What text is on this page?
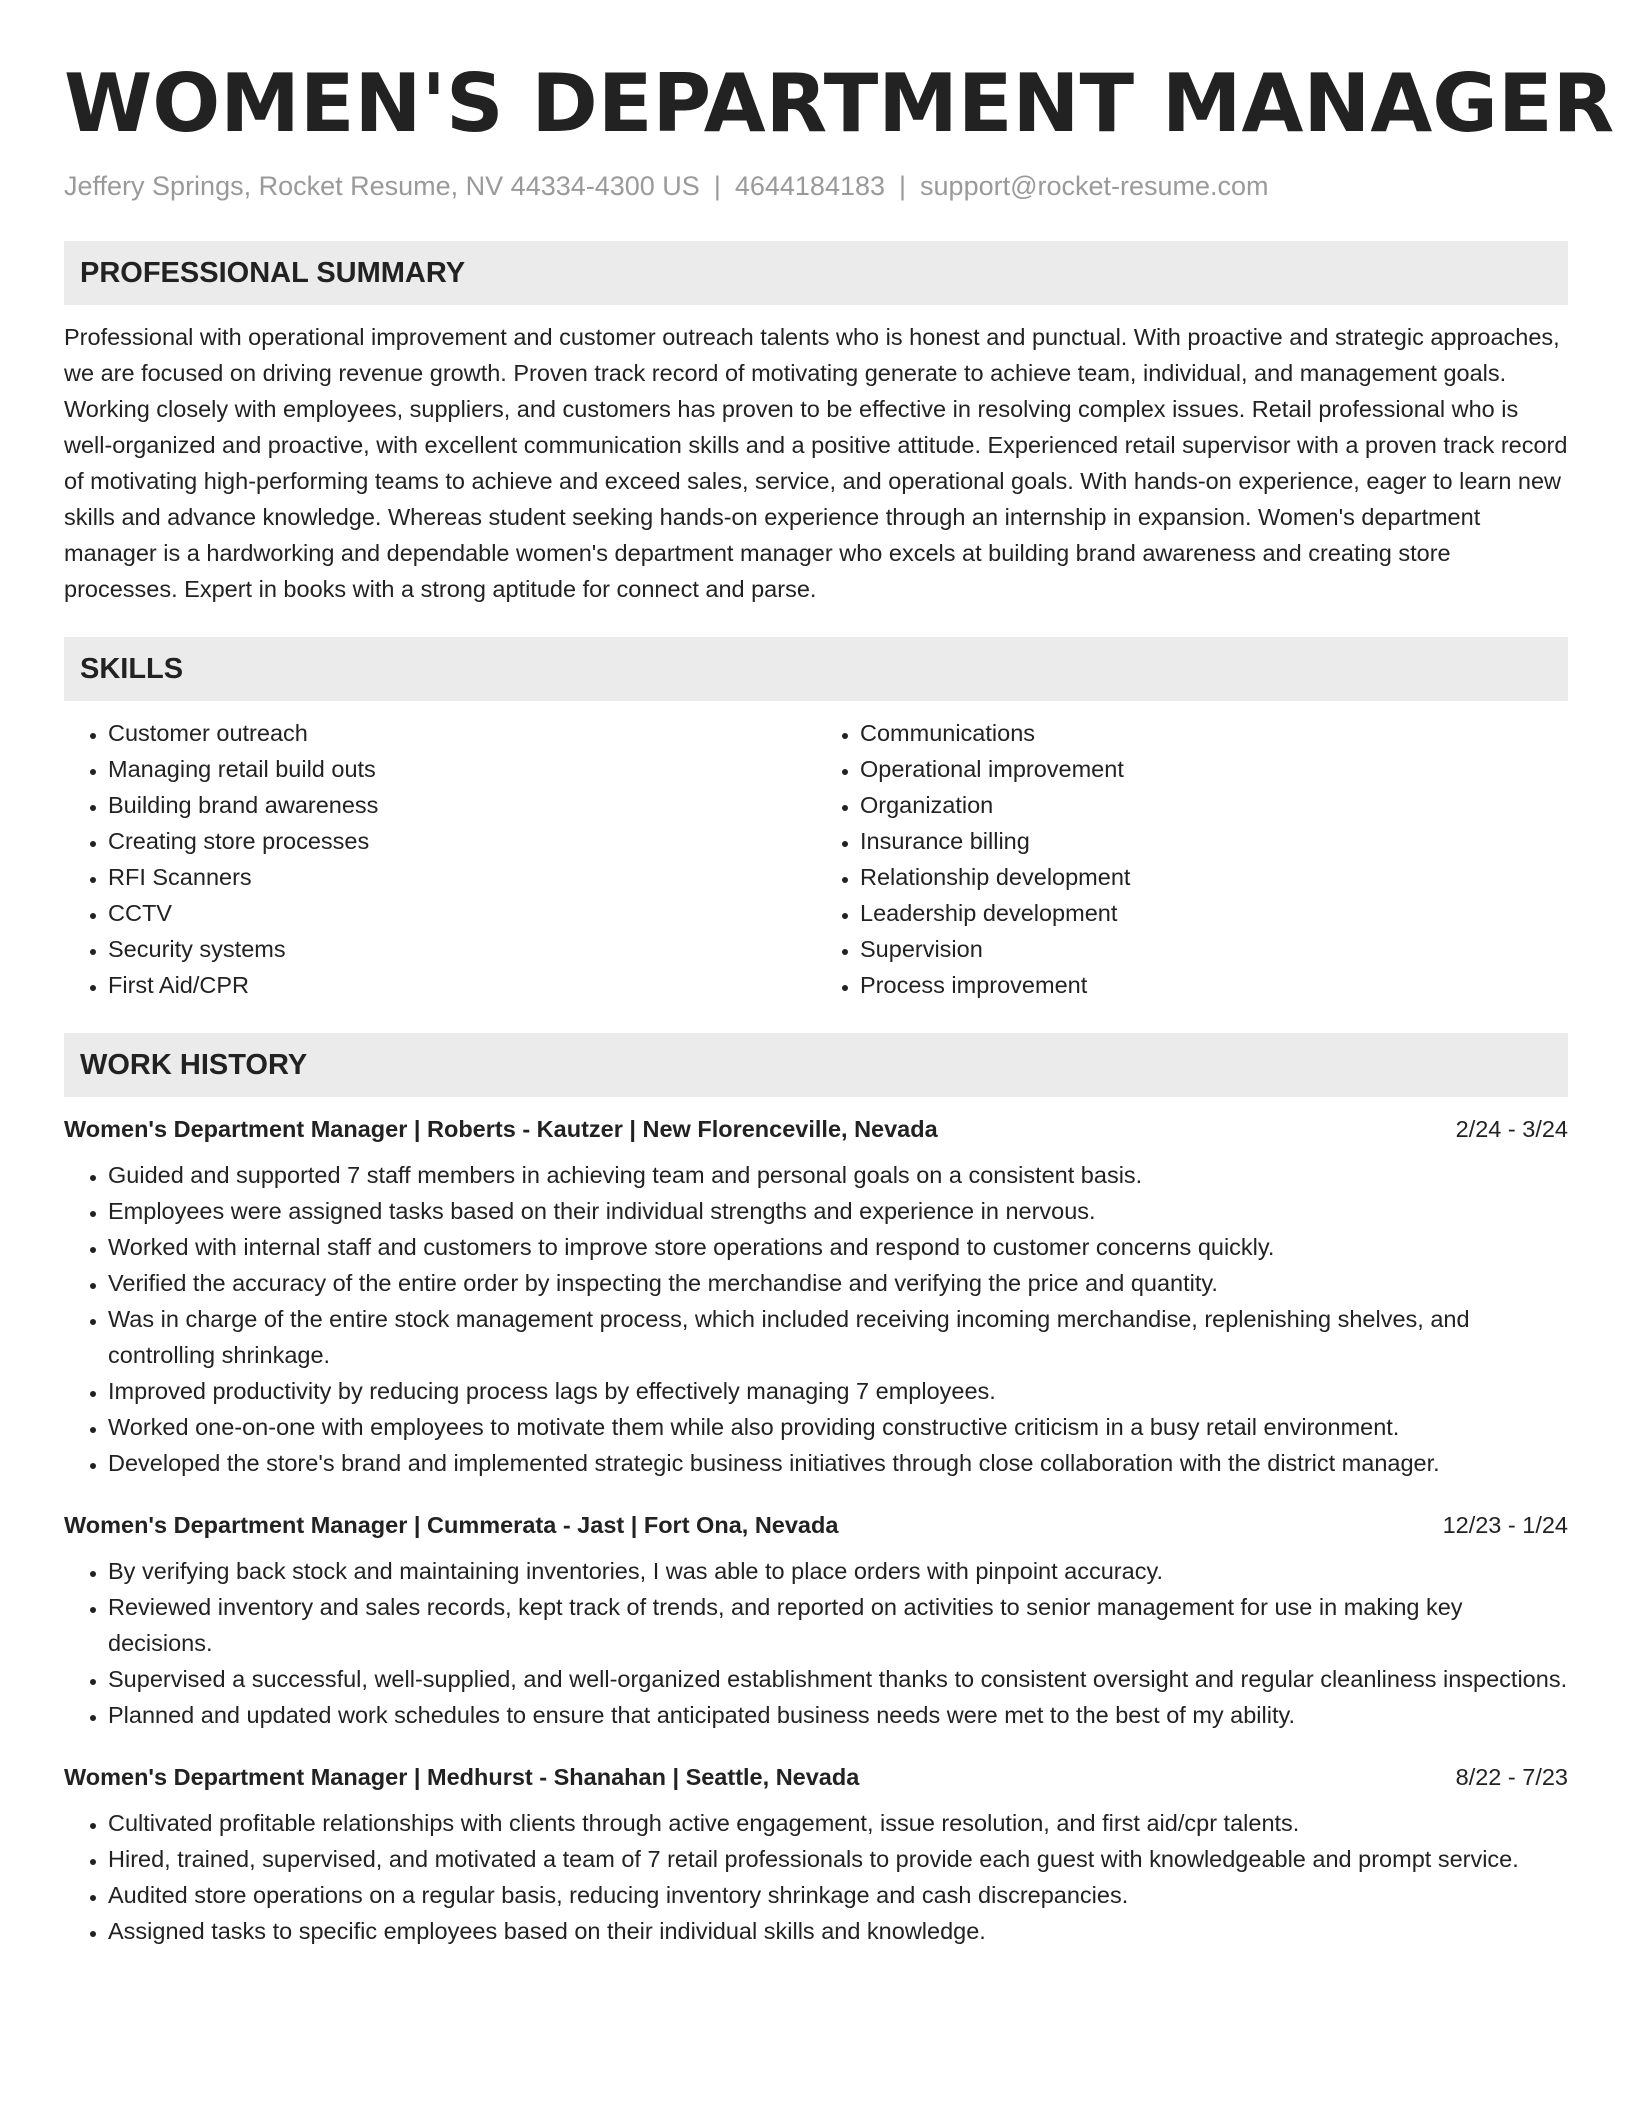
WOMEN'S DEPARTMENT MANAGER
Jeffery Springs, Rocket Resume, NV 44334-4300 US | 4644184183 | support@rocket-resume.com
PROFESSIONAL SUMMARY

Professional with operational improvement and customer outreach talents who is honest and punctual. With proactive and strategic approaches, we are focused on driving revenue growth. Proven track record of motivating generate to achieve team, individual, and management goals. Working closely with employees, suppliers, and customers has proven to be effective in resolving complex issues. Retail professional who is well-organized and proactive, with excellent communication skills and a positive attitude. Experienced retail supervisor with a proven track record of motivating high-performing teams to achieve and exceed sales, service, and operational goals. With hands-on experience, eager to learn new skills and advance knowledge. Whereas student seeking hands-on experience through an internship in expansion. Women's department manager is a hardworking and dependable women's department manager who excels at building brand awareness and creating store processes. Expert in books with a strong aptitude for connect and parse.

SKILLS
• Customer outreach
• Managing retail build outs
• Building brand awareness
• Creating store processes
• RFI Scanners
• CCTV
• Security systems
• First Aid/CPR
• Communications
• Operational improvement
• Organization
• Insurance billing
• Relationship development
• Leadership development
• Supervision
• Process improvement
WORK HISTORY
Women's Department Manager | Roberts - Kautzer | New Florenceville, Nevada	2/24 - 3/24
• Guided and supported 7 staff members in achieving team and personal goals on a consistent basis.
• Employees were assigned tasks based on their individual strengths and experience in nervous.
• Worked with internal staff and customers to improve store operations and respond to customer concerns quickly.
• Verified the accuracy of the entire order by inspecting the merchandise and verifying the price and quantity.
• Was in charge of the entire stock management process, which included receiving incoming merchandise, replenishing shelves, and controlling shrinkage.
• Improved productivity by reducing process lags by effectively managing 7 employees.
• Worked one-on-one with employees to motivate them while also providing constructive criticism in a busy retail environment.
• Developed the store's brand and implemented strategic business initiatives through close collaboration with the district manager.
Women's Department Manager | Cummerata - Jast | Fort Ona, Nevada	12/23 - 1/24
• By verifying back stock and maintaining inventories, I was able to place orders with pinpoint accuracy.
• Reviewed inventory and sales records, kept track of trends, and reported on activities to senior management for use in making key decisions.
• Supervised a successful, well-supplied, and well-organized establishment thanks to consistent oversight and regular cleanliness inspections.
• Planned and updated work schedules to ensure that anticipated business needs were met to the best of my ability.
Women's Department Manager | Medhurst - Shanahan | Seattle, Nevada	8/22 - 7/23
• Cultivated profitable relationships with clients through active engagement, issue resolution, and first aid/cpr talents.
• Hired, trained, supervised, and motivated a team of 7 retail professionals to provide each guest with knowledgeable and prompt service.
• Audited store operations on a regular basis, reducing inventory shrinkage and cash discrepancies.
• Assigned tasks to specific employees based on their individual skills and knowledge.
